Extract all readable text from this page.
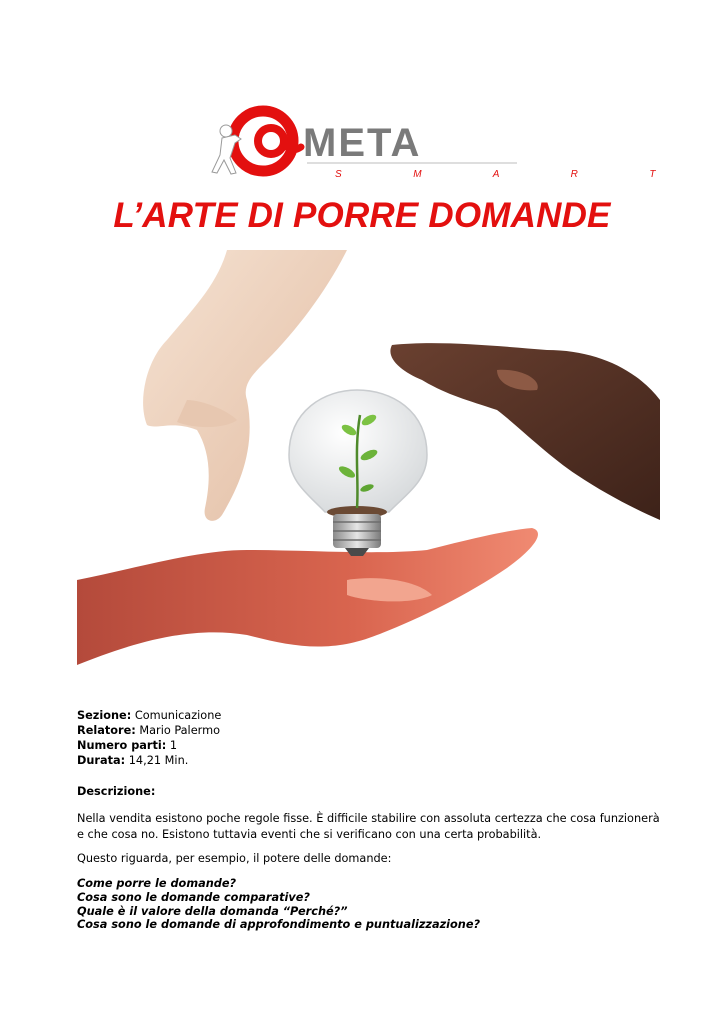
META
S  M  A  R  T
L’ARTE DI PORRE DOMANDE
Sezione: Comunicazione
Relatore: Mario Palermo
Numero parti: 1
Durata: 14,21 Min.
Descrizione:
Nella vendita esistono poche regole fisse. È difficile stabilire con assoluta certezza che cosa funzionerà e che cosa no. Esistono tuttavia eventi che si verificano con una certa probabilità.
Questo riguarda, per esempio, il potere delle domande:
Come porre le domande?
Cosa sono le domande comparative?
Quale è il valore della domanda “Perché?”
Cosa sono le domande di approfondimento e puntualizzazione?
